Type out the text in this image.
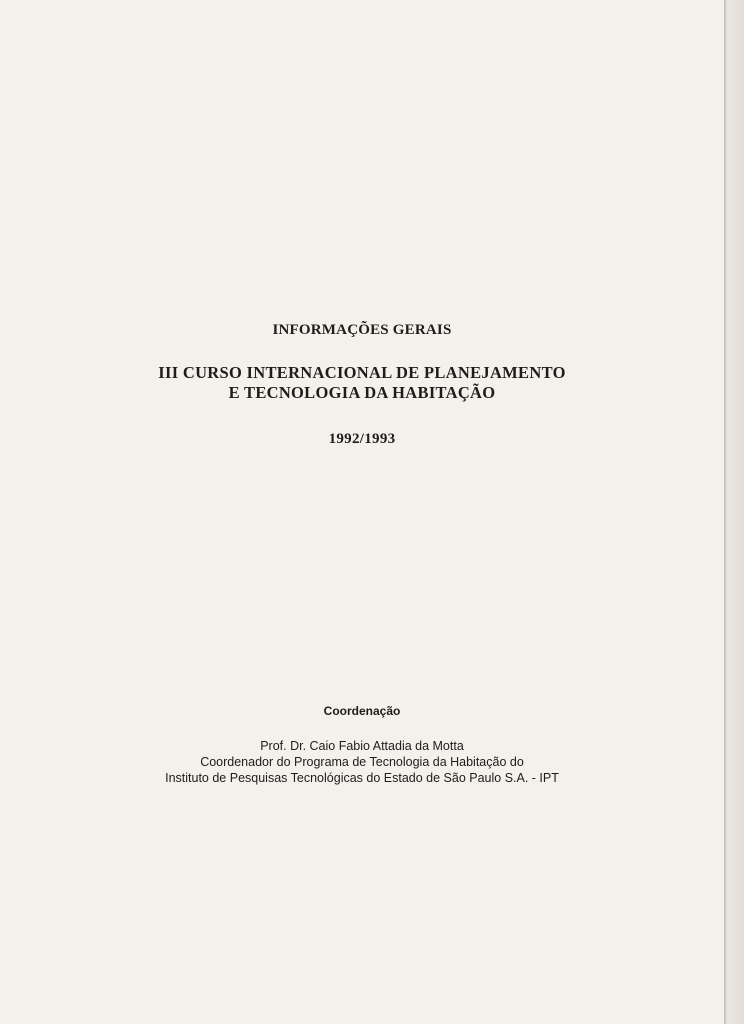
INFORMAÇÕES GERAIS

III CURSO INTERNACIONAL DE PLANEJAMENTO
E TECNOLOGIA DA HABITAÇÃO

1992/1993

Coordenação

Prof. Dr. Caio Fabio Attadia da Motta
Coordenador do Programa de Tecnologia da Habitação do
Instituto de Pesquisas Tecnológicas do Estado de São Paulo S.A. - IPT
